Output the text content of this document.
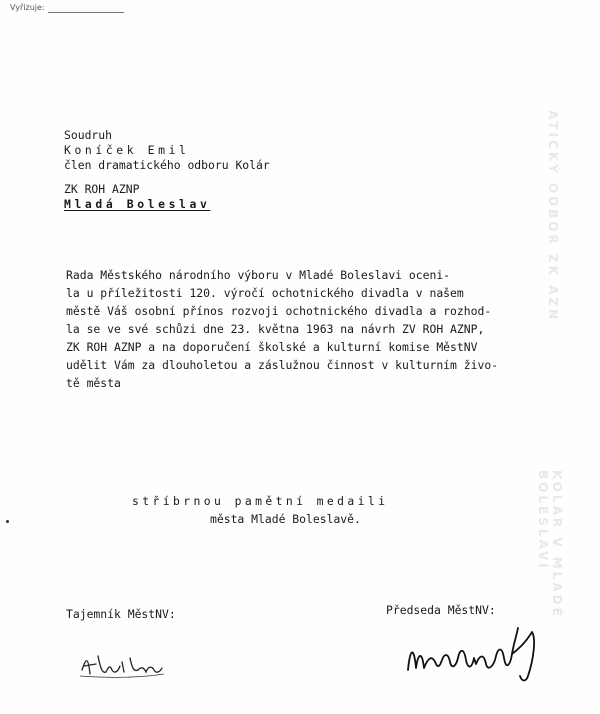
ATICKÝ ODBOR ZK AZN
KOLÁR V MLADÉ BOLESLAVI
Vyřizuje:
Soudruh
Koníček Emil
člen dramatického odboru Kolár
ZK ROH AZNP
Mladá Boleslav
Rada Městského národního výboru v Mladé Boleslavi oceni-
la u příležitosti 120. výročí ochotnického divadla v našem
městě Váš osobní přínos rozvoji ochotnického divadla a rozhod-
la se ve své schůzi dne 23. května 1963 na návrh ZV ROH AZNP,
ZK ROH AZNP a na doporučení školské a kulturní komise MěstNV
udělit Vám za dlouholetou a záslužnou činnost v kulturním živo-
tě města
stříbrnou pamětní medaili
města Mladé Boleslavě.
Tajemník MěstNV:	Předseda MěstNV:
